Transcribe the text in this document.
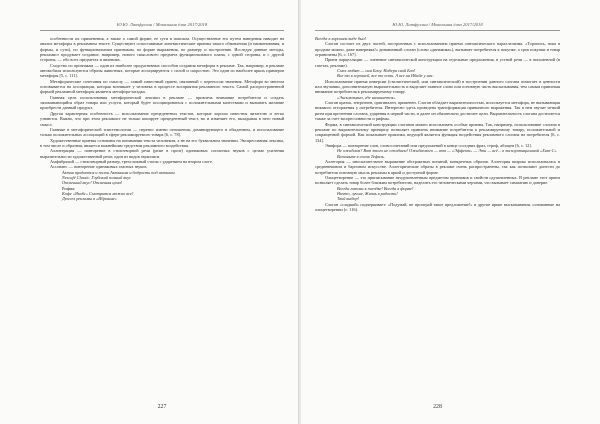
Ю.Ю. Латфуллин / Мовальная ёлка 2017/2018

особенности их применения, а также о самой форме, ее сути в поиском. Осуществление его путем наведения наводит на анализ метафоры в рекламном тексте. Существуют сопоставимые лингвистические приемы такого обновления (и наименования, и формы, и сути), по функциональным признакам, по форме выражения, по размеру и построению. Исследуя данные методы, рекламист продумает создание, например, нового смыслового предмета функционального плана, с одной стороны, и с другой стороны, — обо всех предметах и явлениях.

Сходство по признакам — один из наиболее продуктивных способов создания метафоры в рекламе. Так, например, в рекламе автомобиля используются образы животных, которые ассоциируются с силой и скоростью. Это один из наиболее ярких примеров метафоры [5, с. 111].

Метафорические сочетания по смыслу — самый известный прием, связанный с переносом значения. Метафора во многом основывается на ассоциации, которая возникает у человека в процессе восприятия рекламного текста. Самой распространенной формой рекламной метафоры является метафора-загадка.

Главная цель использования метафорической лексики в рекламе — привлечь внимание потребителя и создать запоминающийся образ товара или услуги, который будет ассоциироваться с положительными качествами и вызывать желание приобрести данный продукт.

Другая характерная особенность — использование прецедентных текстов, которые хорошо известны читателю и легко узнаются. Важно, что при этом рекламист не только копирует прецедентный текст, но и изменяет его, вкладывая в него новый смысл.

Главные в метафорической эпистемологии — перенос имени отношения, доминирующего в обыденном, и использование только положительных ассоциаций в сфере рекламируемого товара [6, с. 78].

Художественные приемы основаны на понимании текста человеком, а не на его буквальном значении. Экспрессивная лексика, в том числе и образная, является важнейшим средством рекламного воздействия.

Аллитерация — повторение в стихотворной речи (реже в прозе) одинаковых согласных звуков с целью усиления выразительности художественной речи; один из видов звукописи.

Амфибрахий — стихотворный размер, трехсложный стопы с ударением на втором слоге.

Ассонанс — повторение одинаковых гласных звуков.

Актив продается и полон Активизм и бодрость под активом

Nescafé Classic. Глубокий полный вкус

Отличный вкус! Отличная цена!

Рифма:

Кофе «Якобс» Смотрится можно все!

Дюссел рекламы в «Ибраиме»

227
Ю.Ю. Латфуллин / Мовальная ёлка 2017/2018

Всегда в хорошем виде был!

Слоган состоит из двух частей, построенных с использованием приема синтаксического параллелизма. «Торопись, пока в продаже можно, даже наверняка!» динамичный слоган (слово «динамика»), вызывает потребителя к покупке, а срок покупки и товар ограничены [6, с. 167].

Прием парцелляции — членение синтаксической конструкции на отдельные предложения, в устной речи — в письменной (в газетах, рекламе).

Смех любят — они Бачу. Набери свой Бач!

Все то в хорошей, все то есть. А все на Ибайе у нас.

Использование приема инверсии (стилистический, или синтаксический) в построении данного слогана помогает в ценности или звучании, дополнительную выразительность и выделяет главное слово или основную часть высказывания, тем самым привлекая внимание потребителя к рекламируемому товару.

«Эксклюзивно, где начинается»

Слоган краток, энергичен, оригинален, применен. Слоган обладает выразительностью, используется метафора, не вызывающая никакого отторжения у потребителя. Интересно здесь проведена трансформация привычного выражения. Так в нем звучит четкий ритм при прочтении слогана, ударения в первой части, и далее он обязательно достигает цели. Выразительность слогана достигается также за счет экспрессивности и рифмы.

Форма, в синтаксической конструкции слоганов можно использовать особые приемы. Так, например, использование слогана в рекламе по выразительному принципу позволяет привлечь внимание потребителя к рекламируемому товару, положительной и сокращенной формой. Как показывает практика, ведущей является функция воздействия рекламного слогана на потребителя [6, с. 134].

Эпифора — повторение слов, словосочетаний или предложений в конце соседних фраз, строф, абзацев [6, с. 12].

Не ожидаем? Вот этого не ожидаем! Ожидаемого — вот — «Эффект» — Эти — всё... в эксплуатационной «Хит-С»

Вставьте в сплав Тефаль.

Аллегория — иносказательное выражение абстрактных понятий, конкретных образов. Аллегория широко использовалась в средневековом и барочном искусстве. Аллегорические образы в рекламе очень распространены, так как позволяют донести до потребителя основную мысль рекламы в яркой и доступной форме.

Олицетворение — это приписывание неодушевленным предметам признаков и свойств одушевленных. В рекламе этот прием позволяет сделать товар более близким потребителю, наделить его человеческими чертами, что вызывает симпатию и доверие.

Всегда готова к поездке! Всегда в форме!

Ничто, лучше, Жизнь в радость!

Твой выбор!

Слоган «сладкий» подчеркивает: «Подумай, не проиграй такое предложение!» и другие яркие высказывания, основанные на олицетворении (с. 116).

228
